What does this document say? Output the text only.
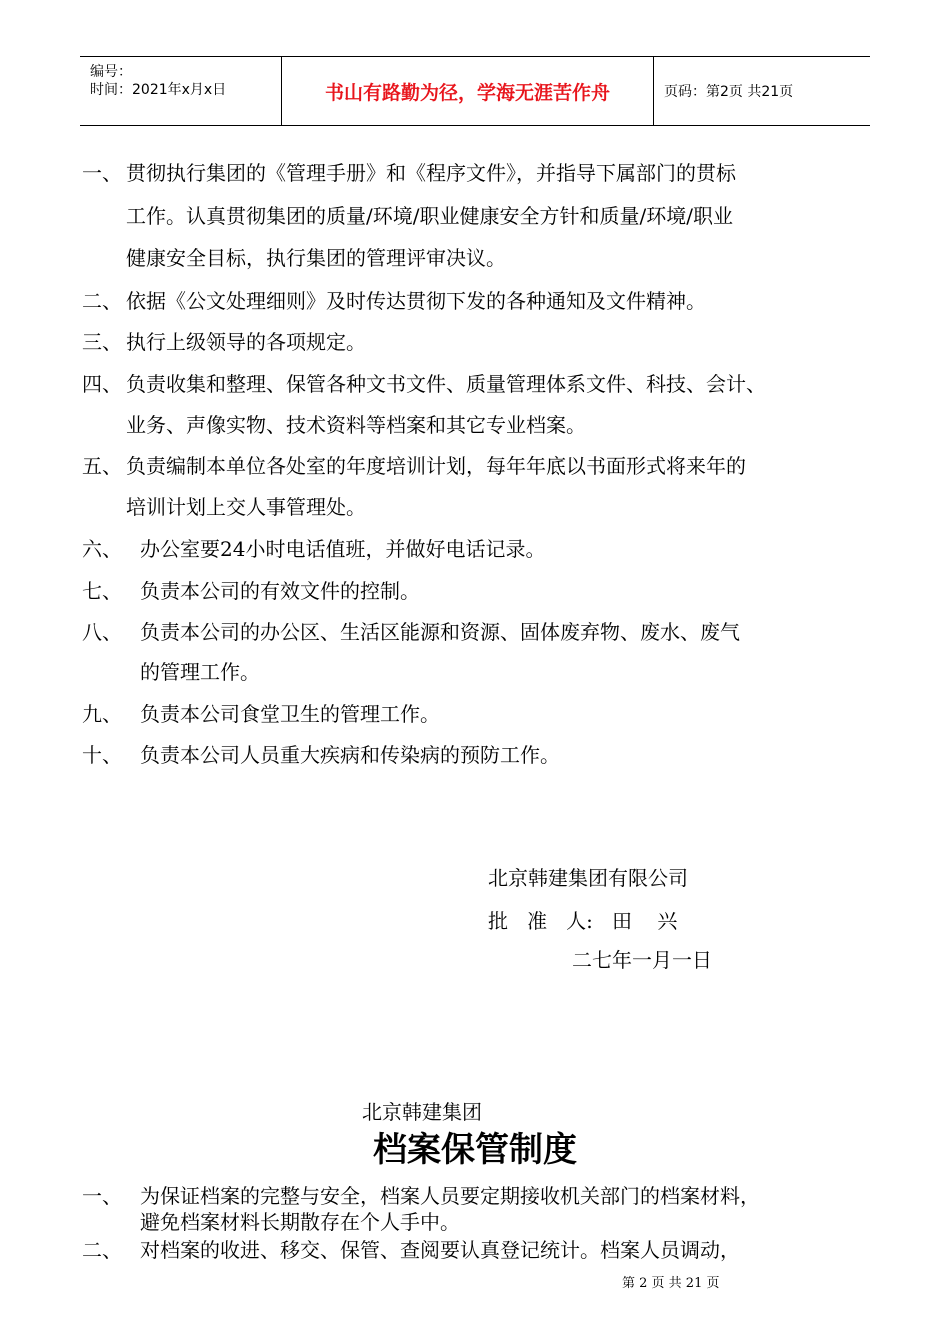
编号：
时间：2021年x月x日	书山有路勤为径，学海无涯苦作舟	页码：第2页 共21页
一、 贯彻执行集团的《管理手册》和《程序文件》，并指导下属部门的贯标
工作。认真贯彻集团的质量/环境/职业健康安全方针和质量/环境/职业
健康安全目标，执行集团的管理评审决议。
二、 依据《公文处理细则》及时传达贯彻下发的各种通知及文件精神。
三、 执行上级领导的各项规定。
四、 负责收集和整理、保管各种文书文件、质量管理体系文件、科技、会计、
业务、声像实物、技术资料等档案和其它专业档案。
五、 负责编制本单位各处室的年度培训计划，每年年底以书面形式将来年的
培训计划上交人事管理处。
六、 办公室要24小时电话值班，并做好电话记录。
七、 负责本公司的有效文件的控制。
八、 负责本公司的办公区、生活区能源和资源、固体废弃物、废水、废气
的管理工作。
九、 负责本公司食堂卫生的管理工作。
十、 负责本公司人员重大疾病和传染病的预防工作。
北京韩建集团有限公司
批   准   人:   田    兴
二七年一月一日
北京韩建集团
档案保管制度
一、 为保证档案的完整与安全，档案人员要定期接收机关部门的档案材料，
避免档案材料长期散存在个人手中。
二、 对档案的收进、移交、保管、查阅要认真登记统计。档案人员调动，
第 2 页 共 21 页
